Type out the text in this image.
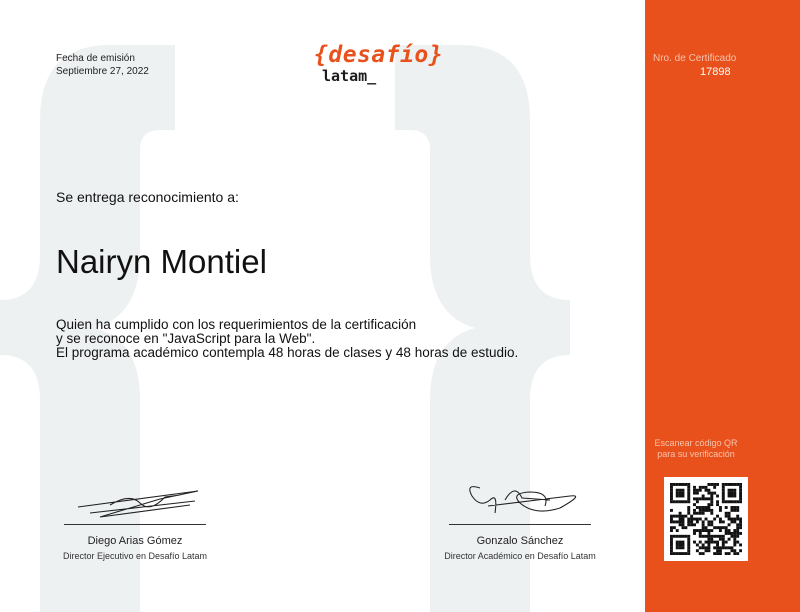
Fecha de emisión
Septiembre 27, 2022
{desafío}
latam_
Nro. de Certificado
17898
Se entrega reconocimiento a:
Nairyn Montiel
Quien ha cumplido con los requerimientos de la certificación
y se reconoce en "JavaScript para la Web".
El programa académico contempla 48 horas de clases y 48 horas de estudio.
Escanear código QR
para su verificación
Diego Arias Gómez
Director Ejecutivo en Desafío Latam
Gonzalo Sánchez
Director Académico en Desafío Latam
